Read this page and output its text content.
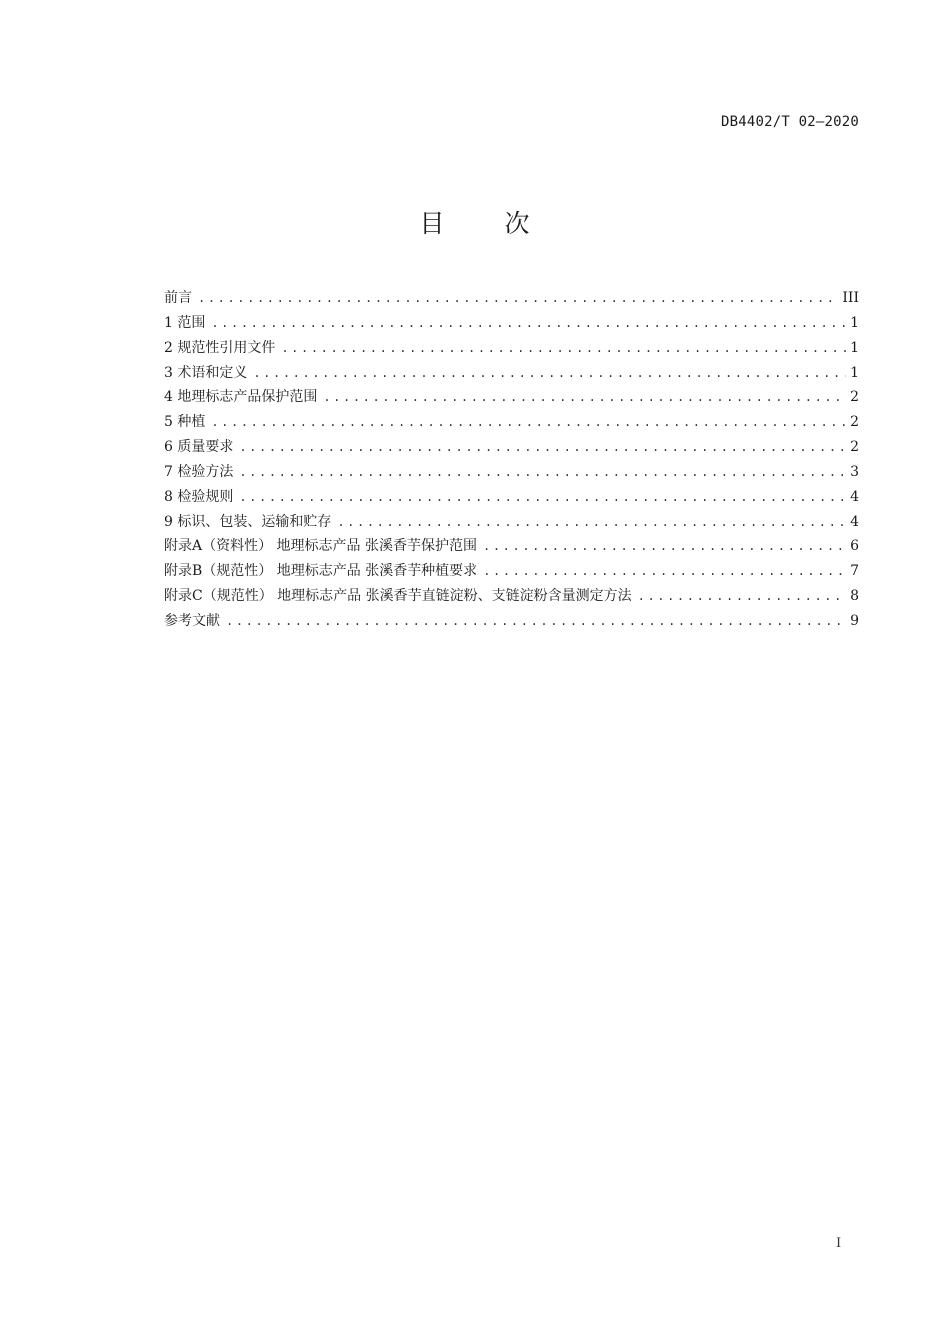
DB4402/T 02—2020
目 次
前言 .....	III
1 范围 .....	1
2 规范性引用文件 .....	1
3 术语和定义 .....	1
4 地理标志产品保护范围 .....	2
5 种植 .....	2
6 质量要求 .....	2
7 检验方法 .....	3
8 检验规则 .....	4
9 标识、包装、运输和贮存 .....	4
附录A（资料性） 地理标志产品 张溪香芋保护范围 .....	6
附录B（规范性） 地理标志产品 张溪香芋种植要求 .....	7
附录C（规范性） 地理标志产品 张溪香芋直链淀粉、支链淀粉含量测定方法 .....	8
参考文献 .....	9
I
